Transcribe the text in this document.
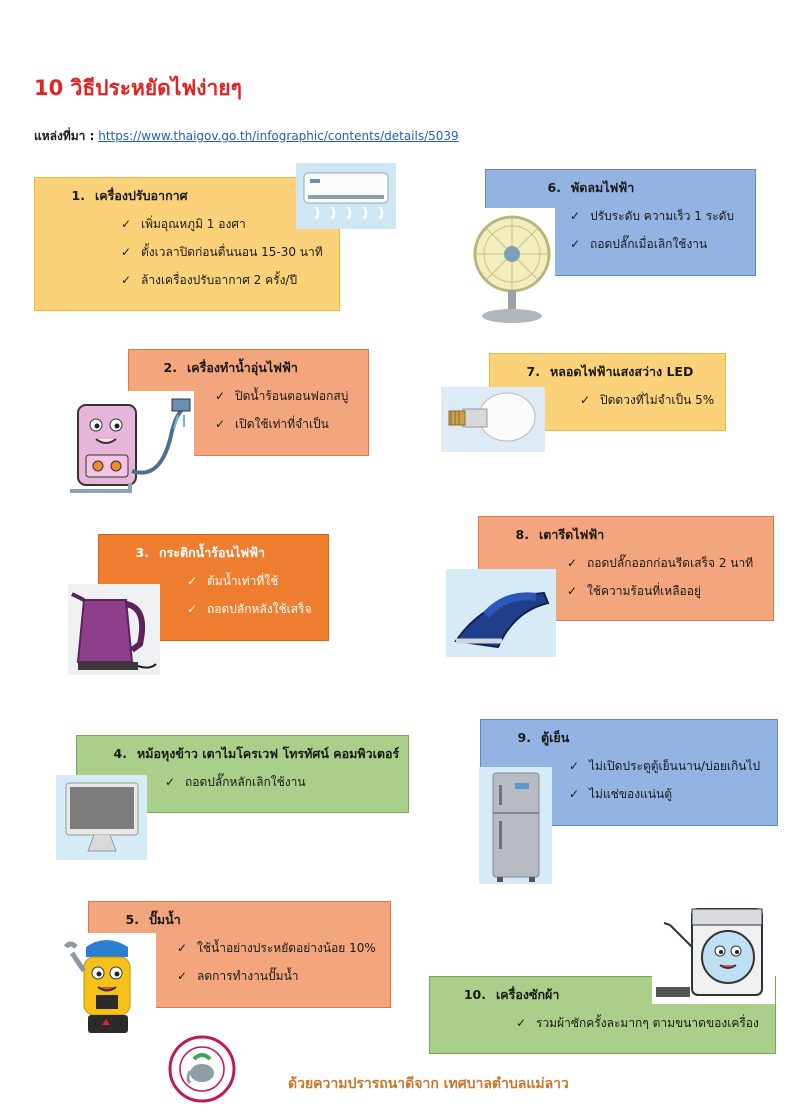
10 วิธีประหยัดไฟง่ายๆ
แหล่งที่มา : https://www.thaigov.go.th/infographic/contents/details/5039
1. เครื่องปรับอากาศ
✓ เพิ่มอุณหภูมิ 1 องศา
✓ ตั้งเวลาปิดก่อนตื่นนอน 15-30 นาที
✓ ล้างเครื่องปรับอากาศ 2 ครั้ง/ปี
6. พัดลมไฟฟ้า
✓ ปรับระดับ ความเร็ว 1 ระดับ
✓ ถอดปลั๊กเมื่อเลิกใช้งาน
2. เครื่องทำน้ำอุ่นไฟฟ้า
✓ ปิดน้ำร้อนตอนฟอกสบู่
✓ เปิดใช้เท่าที่จำเป็น
7. หลอดไฟฟ้าแสงสว่าง LED
✓ ปิดดวงที่ไม่จำเป็น 5%
3. กระติกน้ำร้อนไฟฟ้า
✓ ต้มน้ำเท่าที่ใช้
✓ ถอดปลักหลังใช้เสร็จ
8. เตารีดไฟฟ้า
✓ ถอดปลั๊กออกก่อนรีดเสร็จ 2 นาที
✓ ใช้ความร้อนที่เหลืออยู่
4. หม้อหุงข้าว เตาไมโครเวฟ โทรทัศน์ คอมพิวเตอร์
✓ ถอดปลั๊กหลักเลิกใช้งาน
9. ตู้เย็น
✓ ไม่เปิดประตูตู้เย็นนาน/บ่อยเกินไป
✓ ไม่แช่ของแน่นตู้
5. ปั๊มน้ำ
✓ ใช้น้ำอย่างประหยัดอย่างน้อย 10%
✓ ลดการทำงานปั๊มน้ำ
10. เครื่องซักผ้า
✓ รวมผ้าซักครั้งละมากๆ ตามขนาดของเครื่อง
ด้วยความปรารถนาดีจาก เทศบาลตำบลแม่ลาว
